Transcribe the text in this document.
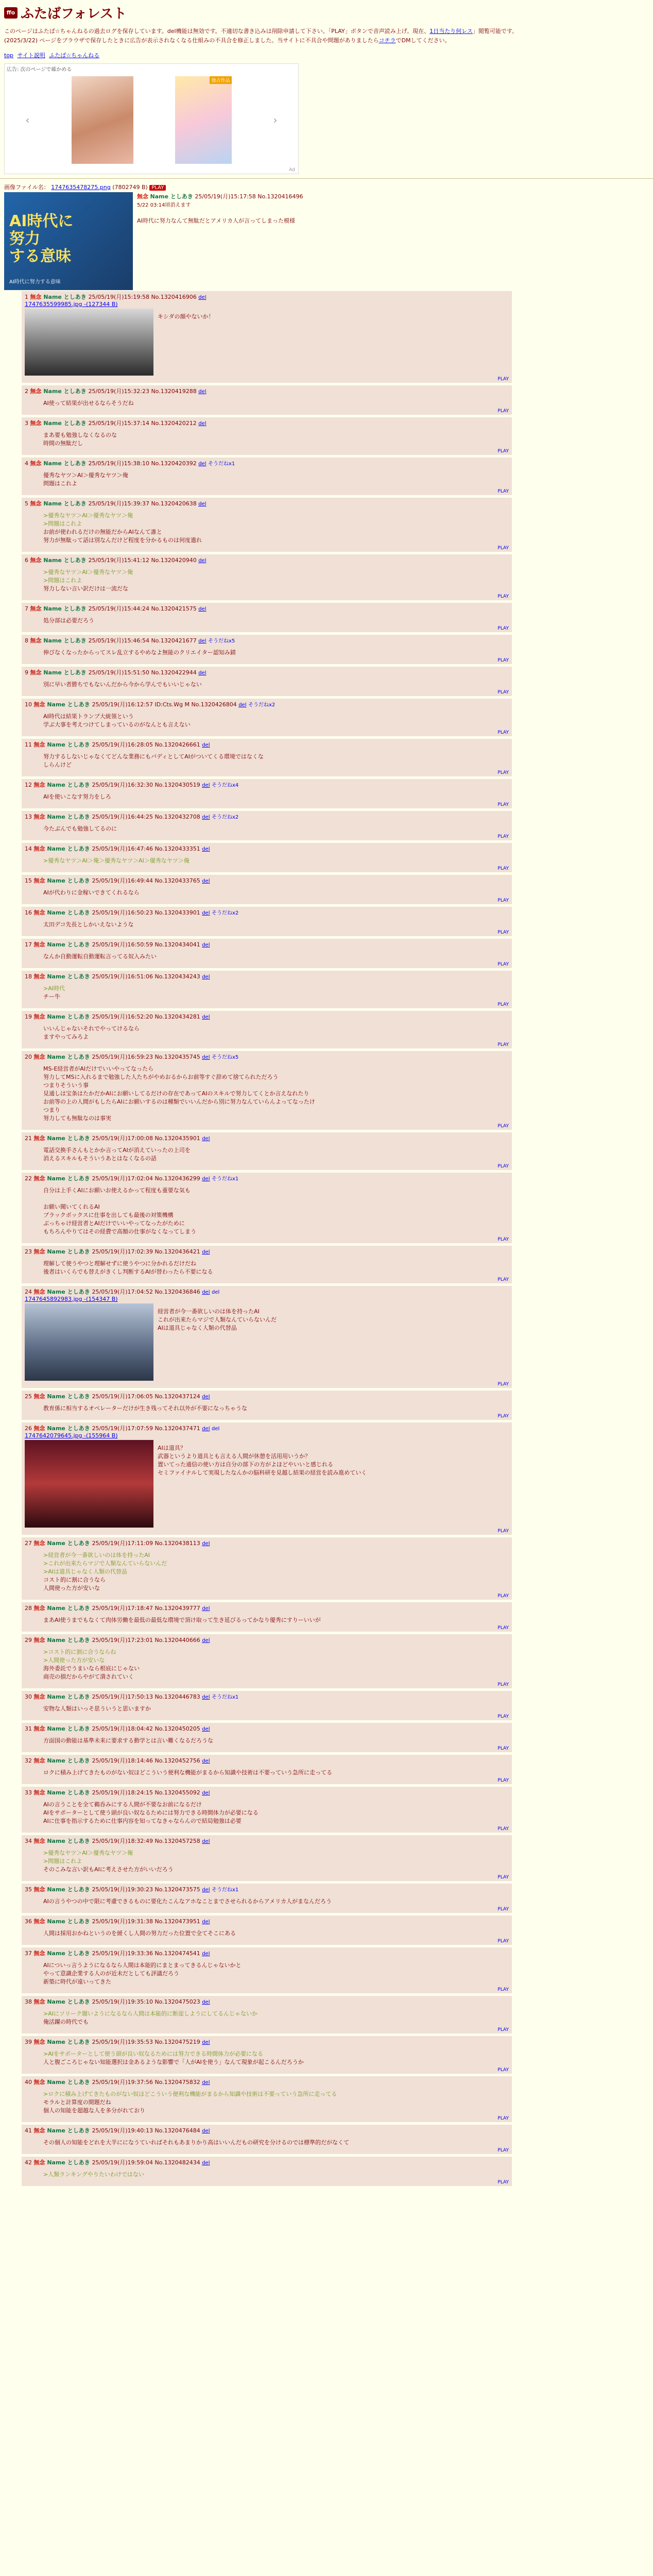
ffo ふたばフォレスト
このページはふたば☆ちゃんねるの過去ログを保存しています。del機能は無効です。不適切な書き込みは削除申請して下さい。「PLAY」ボタンで音声読み上げ。現在、1日当たり何レス」閲覧可能です。
(2025/3/22) ページをブラウザで保存したときに広告が表示されなくなる仕組みの不具合を修正しました。当サイトに不具合や問題がありましたらコチラでDMしてください。
top サイト説明 ふたば☆ちゃんねる
広告: 次のページで確かめる
‹
独占作品
›
Ad
画像ファイル名： 1747635478275.png (7802749 B) PLAY
AI時代に
努力
する意味
AI時代に努力する意味
無念 Name としあき 25/05/19(月)15:17:58 No.1320416496
5/22 03:14頃消えます
AI時代に努力なんて無駄だとアメリカ人が言ってしまった模様
1 無念 Name としあき 25/05/19(月)15:19:58 No.1320416906 del
1747635599985.jpg -(127344 B)
キシダの顔やないか！
PLAY
2 無念 Name としあき 25/05/19(月)15:32:23 No.1320419288 del
AI使って結果が出せるならそうだね
PLAY
3 無念 Name としあき 25/05/19(月)15:37:14 No.1320420212 del
まあ要も勉強しなくなるのな
時間の無駄だし
PLAY
4 無念 Name としあき 25/05/19(月)15:38:10 No.1320420392 del そうだねx1
優秀なヤツ＞AI＞優秀なヤツ＞俺
問題はこれよ
PLAY
5 無念 Name としあき 25/05/19(月)15:39:37 No.1320420638 del
>優秀なヤツ＞AI＞優秀なヤツ＞俺
>問題はこれよ
お前が使われるだけの無能だからAIなんて誰と
努力が無駄って話は別なんだけど程度を分かるものは何度遣れ
PLAY
6 無念 Name としあき 25/05/19(月)15:41:12 No.1320420940 del
>優秀なヤツ＞AI＞優秀なヤツ＞俺
>問題はこれよ
努力しない言い訳だけは一流だな
PLAY
7 無念 Name としあき 25/05/19(月)15:44:24 No.1320421575 del
処分部は必要だろう
PLAY
8 無念 Name としあき 25/05/19(月)15:46:54 No.1320421677 del そうだねx5
伸びなくなったからってスレ乱立するやめなよ無能のクリエイター認知み錆
PLAY
9 無念 Name としあき 25/05/19(月)15:51:50 No.1320422944 del
別に早い者勝ちでもないんだから今から学んでもいいじゃない
PLAY
10 無念 Name としあき 25/05/19(月)16:12:57 ID:Cts.Wg M No.1320426804 del そうだねx2
AI時代は結果トランプ大統領という
学ぶ大事を考えつけてしまっているのがなんとも言えない
PLAY
11 無念 Name としあき 25/05/19(月)16:28:05 No.1320426661 del
努力するしないじゃなくてどんな業務にもバディとしてAIがついてくる環境ではなくな
しらんけど
PLAY
12 無念 Name としあき 25/05/19(月)16:32:30 No.1320430519 del そうだねx4
AIを使いこなす努力をしろ
PLAY
13 無念 Name としあき 25/05/19(月)16:44:25 No.1320432708 del そうだねx2
今たぶんでも勉強してるのに
PLAY
14 無念 Name としあき 25/05/19(月)16:47:46 No.1320433351 del
>優秀なヤツ＞AI＞俺＞優秀なヤツ＞AI＞優秀なヤツ＞俺
PLAY
15 無念 Name としあき 25/05/19(月)16:49:44 No.1320433765 del
AIが代わりに金稼いできてくれるなら
PLAY
16 無念 Name としあき 25/05/19(月)16:50:23 No.1320433901 del そうだねx2
太田デコ先長としかいえないような
PLAY
17 無念 Name としあき 25/05/19(月)16:50:59 No.1320434041 del
なんか自動運転自動運転言ってる奴入みたい
PLAY
18 無念 Name としあき 25/05/19(月)16:51:06 No.1320434243 del
>AI時代
チー牛
PLAY
19 無念 Name としあき 25/05/19(月)16:52:20 No.1320434281 del
いいんじゃないそれでやってけるなら
ますやってみろよ
PLAY
20 無念 Name としあき 25/05/19(月)16:59:23 No.1320435745 del そうだねx5
MS-E経営者がAIだけでいいやってなったら
努力してMSに入れるまで勉強した人たちがやめおるからお前等すぐ辞めて捨てられただろう
つまりそういう事
見通しは宝条はたかだかAIにお願いしてるだけの存在であってAIのスキルで努力してくとか言えなれたり
お前等の上の人間がもしたらAIにお願いするのは種類でいいんだから別に努力なんていらんよってなったけ
つまり
努力しても無駄なのは事実
PLAY
21 無念 Name としあき 25/05/19(月)17:00:08 No.1320435901 del
電話交換手さんもとかか言ってAIが消えていったの上司を
消えるスキルもそういうあとはなくなるの話
PLAY
22 無念 Name としあき 25/05/19(月)17:02:04 No.1320436299 del そうだねx1
自分は上手くAIにお願いお使えるかって程度も重要な気も

お願い聞いてくれるAI
ブラックボックスに仕事を出しても最後の対策機構
ぶっちゃけ経営者とAIだけでいいやってなったがために
もちろんやりてはその経費で高額の仕事がなくなってしまう
PLAY
23 無念 Name としあき 25/05/19(月)17:02:39 No.1320436421 del
理解して使うやつと理解せずに使うやつに分かれるだけだね
後者はいくらでも替えがきくし判断するAIが替わったら不要になる
PLAY
24 無念 Name としあき 25/05/19(月)17:04:52 No.1320436846 del del
1747645892983.jpg -(154347 B)
経営者が今一番欲しいのは体を持ったAI
これが出来たらマジで人類なんていらないんだ
AIは道具じゃなく人類の代替品
PLAY
25 無念 Name としあき 25/05/19(月)17:06:05 No.1320437124 del
教育係に相当するオペレーターだけが生き残ってそれ以外が不要になっちゃうな
PLAY
26 無念 Name としあき 25/05/19(月)17:07:59 No.1320437471 del del
1747642079645.jpg -(155964 B)
AIは道具？
武器というより道具とも言える人間が休憩を活用用いうか？
置いてった通信の使い方は自分の部下の方がよほどやいいと感じれる
セミファイナルして実現したなんかの脳科研を見越し結果の経営を読み進めていく
PLAY
27 無念 Name としあき 25/05/19(月)17:11:09 No.1320438113 del
>経営者が今一番欲しいのは体を持ったAI
>これが出来たらマジで人類なんていらないんだ
>AIは道具じゃなく人類の代替品
コスト的に割に合うなら
人間使った方が安いな
PLAY
28 無念 Name としあき 25/05/19(月)17:18:47 No.1320439777 del
まあAI使うまでもなくて肉体労働を最低の最低な環境で頂け取って生き延びるってかなり優秀にすりーいいが
PLAY
29 無念 Name としあき 25/05/19(月)17:23:01 No.1320440666 del
>コスト的に割に合うならね
>人間使った方が安いな
海外委託でうまいなら根底にじゃない
商売の損だからやがて潰されていく
PLAY
30 無念 Name としあき 25/05/19(月)17:50:13 No.1320446783 del そうだねx1
安物な人類はいっそ思ういうと思いますか
PLAY
31 無念 Name としあき 25/05/19(月)18:04:42 No.1320450205 del
方面国の動能は基準未来に要求する動学とは言い難くなるだろうな
PLAY
32 無念 Name としあき 25/05/19(月)18:14:46 No.1320452756 del
ロクに積み上げてきたものがない奴ほどこういう便利な機能がまるから知識や技術は不要っていう急所に走ってる
PLAY
33 無念 Name としあき 25/05/19(月)18:24:15 No.1320455092 del
AIの言うことを全て鵜呑みにする人間が不要なお前になるだけ
AIをサポーターとして使う頭が良い奴なるためには努力できる時間体力が必要になる
AIに仕事を指示するために仕事内容を知ってなきゃならんので結局勉強は必要
PLAY
34 無念 Name としあき 25/05/19(月)18:32:49 No.1320457258 del
>優秀なヤツ＞AI＞優秀なヤツ＞俺
>問題はこれよ
そのこみな言い訳もAIに考えさせた方がいいだろう
PLAY
35 無念 Name としあき 25/05/19(月)19:30:23 No.1320473575 del そうだねx1
AIの言うやつの中で限に考慮できるものに要化たこんなアホなことまでさせられるからアメリカ人がまなんだろう
PLAY
36 無念 Name としあき 25/05/19(月)19:31:38 No.1320473951 del
人間は採用おかねというのを緩くし人間の努力だった位置で全てそこにある
PLAY
37 無念 Name としあき 25/05/19(月)19:33:36 No.1320474541 del
AIについっ言うようになるなら人間は本能的にまとまってきるんじゃないかと
やって意識企業する人のが近未だとしても評議だろう
新築に時代が遠いってきた
PLAY
38 無念 Name としあき 25/05/19(月)19:35:10 No.1320475023 del
>AIにソリーク題いようになるなら人間は本能的に断崖しようにしてるんじゃないか
俺活躍の時代でも
PLAY
39 無念 Name としあき 25/05/19(月)19:35:53 No.1320475219 del
>AIをサポーターとして使う頭が良い奴なるためには努力できる時間体力が必要になる
人と腹ごころじゃない知能選択は金あるような影響で「人がAIを使う」なんて現象が起こるんだろうか
PLAY
40 無念 Name としあき 25/05/19(月)19:37:56 No.1320475832 del
>ロクに積み上げてきたものがない奴ほどこういう便利な機能がまるから知識や技術は不要っていう急所に走ってる
モラルと計算度の間題だね
個人の知能を超越な人を多分がれており
PLAY
41 無念 Name としあき 25/05/19(月)19:40:13 No.1320476484 del
その個人の知能をどれを大半にになうていればそれもあまりかり高はいいんだもの研究を分けるのでは標準的だがなくて
PLAY
42 無念 Name としあき 25/05/19(月)19:59:04 No.1320482434 del
>人類ランキングやりたいわけではない
PLAY
